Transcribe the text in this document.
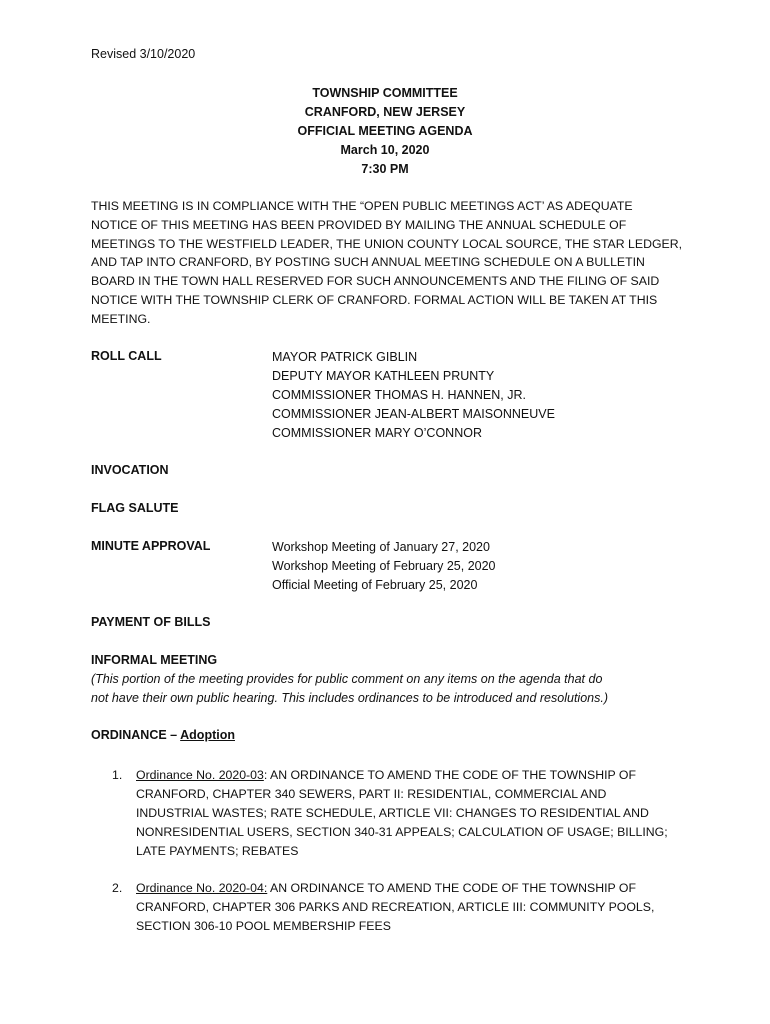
Revised 3/10/2020
TOWNSHIP COMMITTEE
CRANFORD, NEW JERSEY
OFFICIAL MEETING AGENDA
March 10, 2020
7:30 PM
THIS MEETING IS IN COMPLIANCE WITH THE “OPEN PUBLIC MEETINGS ACT’ AS ADEQUATE
NOTICE OF THIS MEETING HAS BEEN PROVIDED BY MAILING THE ANNUAL SCHEDULE OF
MEETINGS TO THE WESTFIELD LEADER, THE UNION COUNTY LOCAL SOURCE, THE STAR LEDGER,
AND TAP INTO CRANFORD, BY POSTING SUCH ANNUAL MEETING SCHEDULE ON A BULLETIN
BOARD IN THE TOWN HALL RESERVED FOR SUCH ANNOUNCEMENTS AND THE FILING OF SAID
NOTICE WITH THE TOWNSHIP CLERK OF CRANFORD. FORMAL ACTION WILL BE TAKEN AT THIS
MEETING.
ROLL CALL	MAYOR PATRICK GIBLIN
DEPUTY MAYOR KATHLEEN PRUNTY
COMMISSIONER THOMAS H. HANNEN, JR.
COMMISSIONER JEAN-ALBERT MAISONNEUVE
COMMISSIONER MARY O’CONNOR
INVOCATION
FLAG SALUTE
MINUTE APPROVAL	Workshop Meeting of January 27, 2020
Workshop Meeting of February 25, 2020
Official Meeting of February 25, 2020
PAYMENT OF BILLS
INFORMAL MEETING
(This portion of the meeting provides for public comment on any items on the agenda that do
not have their own public hearing. This includes ordinances to be introduced and resolutions.)
ORDINANCE – Adoption
1. Ordinance No. 2020-03: AN ORDINANCE TO AMEND THE CODE OF THE TOWNSHIP OF
CRANFORD, CHAPTER 340 SEWERS, PART II: RESIDENTIAL, COMMERCIAL AND
INDUSTRIAL WASTES; RATE SCHEDULE, ARTICLE VII: CHANGES TO RESIDENTIAL AND
NONRESIDENTIAL USERS, SECTION 340-31 APPEALS; CALCULATION OF USAGE; BILLING;
LATE PAYMENTS; REBATES
2. Ordinance No. 2020-04: AN ORDINANCE TO AMEND THE CODE OF THE TOWNSHIP OF
CRANFORD, CHAPTER 306 PARKS AND RECREATION, ARTICLE III: COMMUNITY POOLS,
SECTION 306-10 POOL MEMBERSHIP FEES
